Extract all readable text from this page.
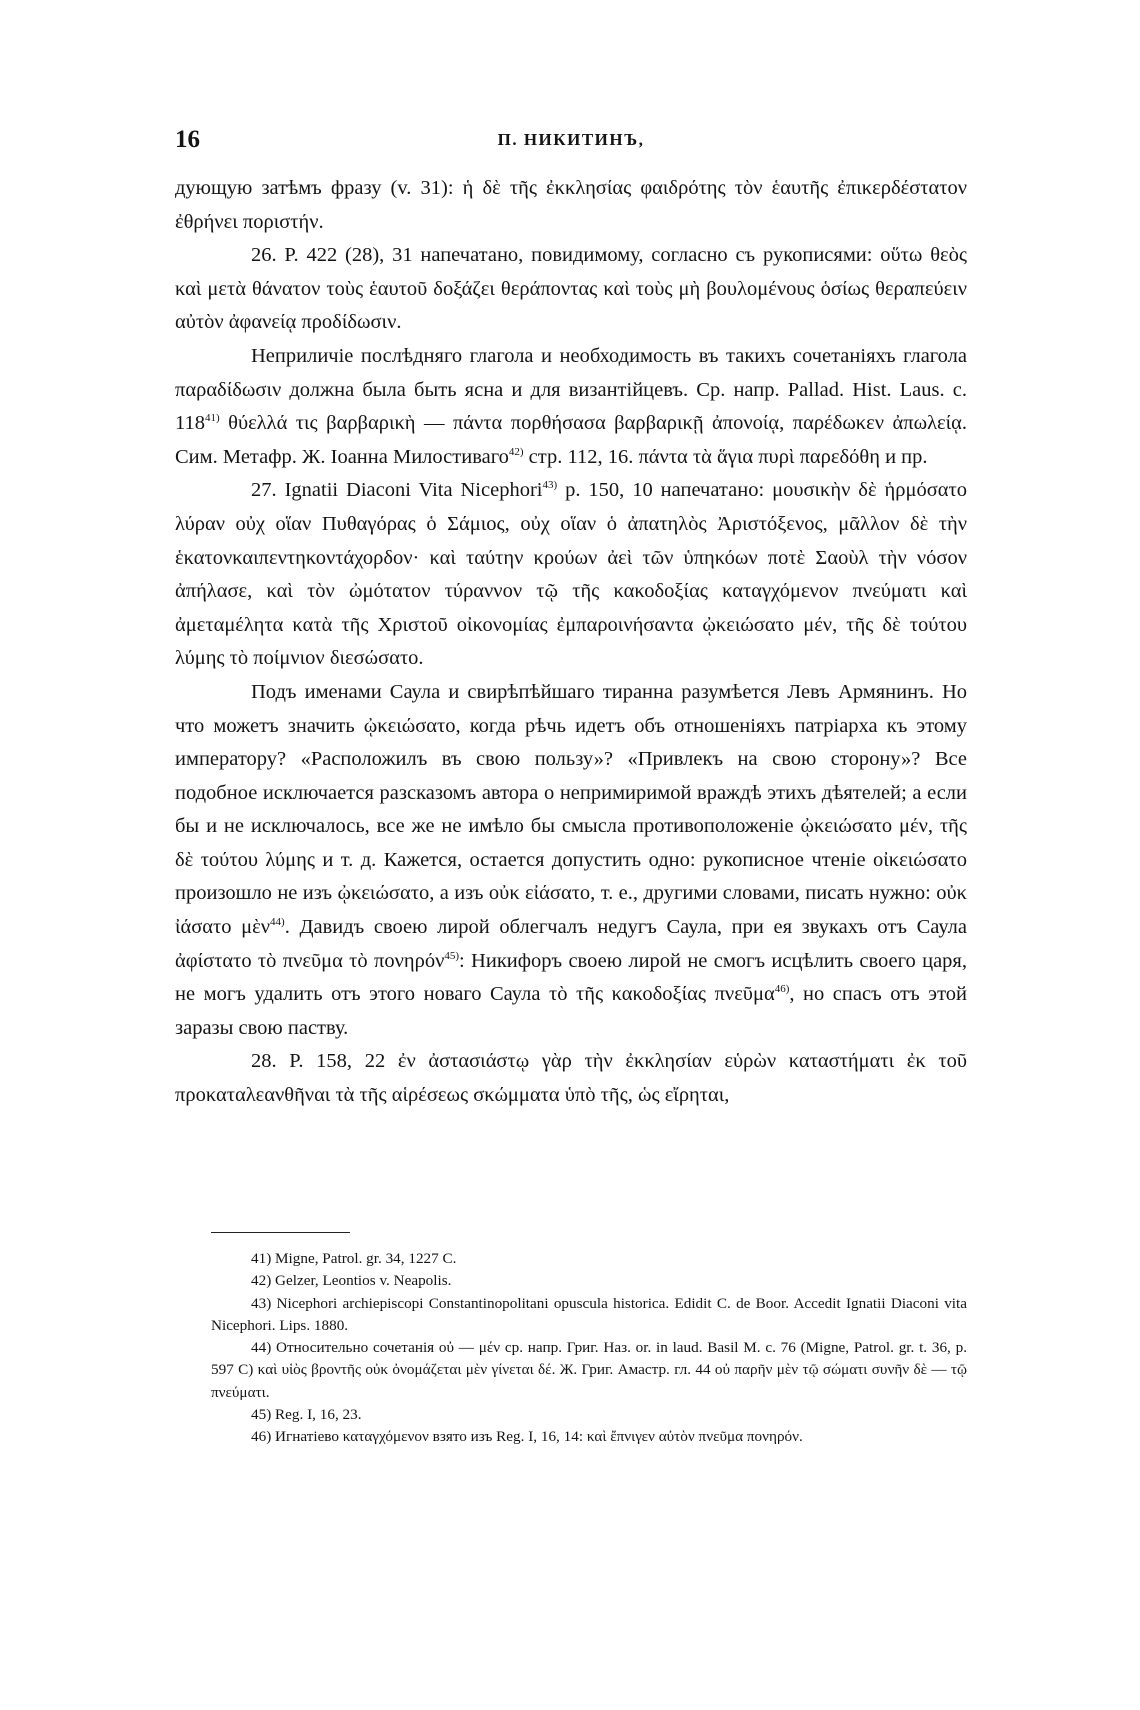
16	П. НИКИТИНЪ,

дующую затѣмъ фразу (v. 31): ἡ δὲ τῆς ἐκκλησίας φαιδρότης τὸν ἑαυτῆς ἐπικερδέστατον ἐθρήνει ποριστήν.

26. P. 422 (28), 31 напечатано, повидимому, согласно съ рукописями: οὕτω θεὸς καὶ μετὰ θάνατον τοὺς ἑαυτοῦ δοξάζει θεράποντας καὶ τοὺς μὴ βουλομένους ὁσίως θεραπεύειν αὐτὸν ἀφανείᾳ προδίδωσιν.

Неприличіе послѣдняго глагола и необходимость въ такихъ сочетаніяхъ глагола παραδίδωσιν должна была быть ясна и для византійцевъ. Ср. напр. Pallad. Hist. Laus. c. 118$^{41)}$ θύελλά τις βαρβαρικὴ — πάντα πορθήσασα βαρβαρικῇ ἀπονοίᾳ, παρέδωκεν ἀπωλείᾳ. Сим. Метафр. Ж. Іоанна Милостиваго$^{42)}$ стр. 112, 16. πάντα τὰ ἅγια πυρὶ παρεδόθη и пр.

27. Ignatii Diaconi Vita Nicephori$^{43)}$ p. 150, 10 напечатано: μουσικὴν δὲ ἡρμόσατο λύραν οὐχ οἵαν Πυθαγόρας ὁ Σάμιος, οὐχ οἵαν ὁ ἀπατηλὸς Ἀριστόξενος, μᾶλλον δὲ τὴν ἑκατονκαιπεντηκοντάχορδον· καὶ ταύτην κρούων ἀεὶ τῶν ὑπηκόων ποτὲ Σαοὺλ τὴν νόσον ἀπήλασε, καὶ τὸν ὠμότατον τύραννον τῷ τῆς κακοδοξίας καταγχόμενον πνεύματι καὶ ἀμεταμέλητα κατὰ τῆς Χριστοῦ οἰκονομίας ἐμπαροινήσαντα ᾠκειώσατο μέν, τῆς δὲ τούτου λύμης τὸ ποίμνιον διεσώσατο.

Подъ именами Саула и свирѣпѣйшаго тиранна разумѣется Левъ Армянинъ. Но что можетъ значить ᾠκειώσατο, когда рѣчь идетъ объ отношеніяхъ патріарха къ этому императору? «Расположилъ въ свою пользу»? «Привлекъ на свою сторону»? Все подобное исключается разсказомъ автора о непримиримой враждѣ этихъ дѣятелей; а если бы и не исключалось, все же не имѣло бы смысла противоположеніе ᾠκειώσατο μέν, τῆς δὲ τούτου λύμης и т. д. Кажется, остается допустить одно: рукописное чтеніе οἰκειώσατο произошло не изъ ᾠκειώσατο, а изъ οὐκ εἰάσατο, т. е., другими словами, писать нужно: οὐκ ἰάσατο μὲν$^{44)}$. Давидъ своею лирой облегчалъ недугъ Саула, при ея звукахъ отъ Саула ἀφίστατο τὸ πνεῦμα τὸ πονηρόν$^{45)}$: Никифоръ своею лирой не смогъ исцѣлить своего царя, не могъ удалить отъ этого новаго Саула τὸ τῆς κακοδοξίας πνεῦμα$^{46)}$, но спасъ отъ этой заразы свою паству.

28. P. 158, 22 ἐν ἀστασιάστῳ γὰρ τὴν ἐκκλησίαν εὑρὼν καταστήματι ἐκ τοῦ προκαταλεανθῆναι τὰ τῆς αἱρέσεως σκώμματα ὑπὸ τῆς, ὡς εἴρηται,

41) Migne, Patrol. gr. 34, 1227 C.

42) Gelzer, Leontios v. Neapolis.

43) Nicephori archiepiscopi Constantinopolitani opuscula historica. Edidit C. de Boor. Accedit Ignatii Diaconi vita Nicephori. Lips. 1880.

44) Относительно сочетанія οὐ — μέν ср. напр. Григ. Наз. or. in laud. Basil M. c. 76 (Migne, Patrol. gr. t. 36, p. 597 C) καὶ υἱὸς βροντῆς οὐκ ὀνομάζεται μὲν γίνεται δέ. Ж. Григ. Амастр. гл. 44 οὐ παρῆν μὲν τῷ σώματι συνῆν δὲ — τῷ πνεύματι.

45) Reg. I, 16, 23.

46) Игнатіево καταγχόμενον взято изъ Reg. I, 16, 14: καὶ ἔπνιγεν αὐτὸν πνεῦμα πονηρόν.
